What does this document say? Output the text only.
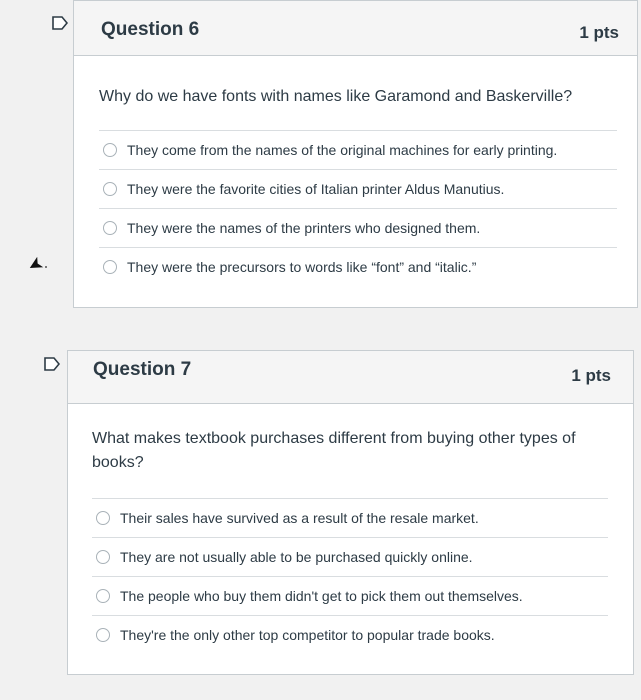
Question 6	1 pts
Why do we have fonts with names like Garamond and Baskerville?
They come from the names of the original machines for early printing.
They were the favorite cities of Italian printer Aldus Manutius.
They were the names of the printers who designed them.
They were the precursors to words like “font” and “italic.”
Question 7	1 pts
What makes textbook purchases different from buying other types of books?
Their sales have survived as a result of the resale market.
They are not usually able to be purchased quickly online.
The people who buy them didn't get to pick them out themselves.
They're the only other top competitor to popular trade books.
